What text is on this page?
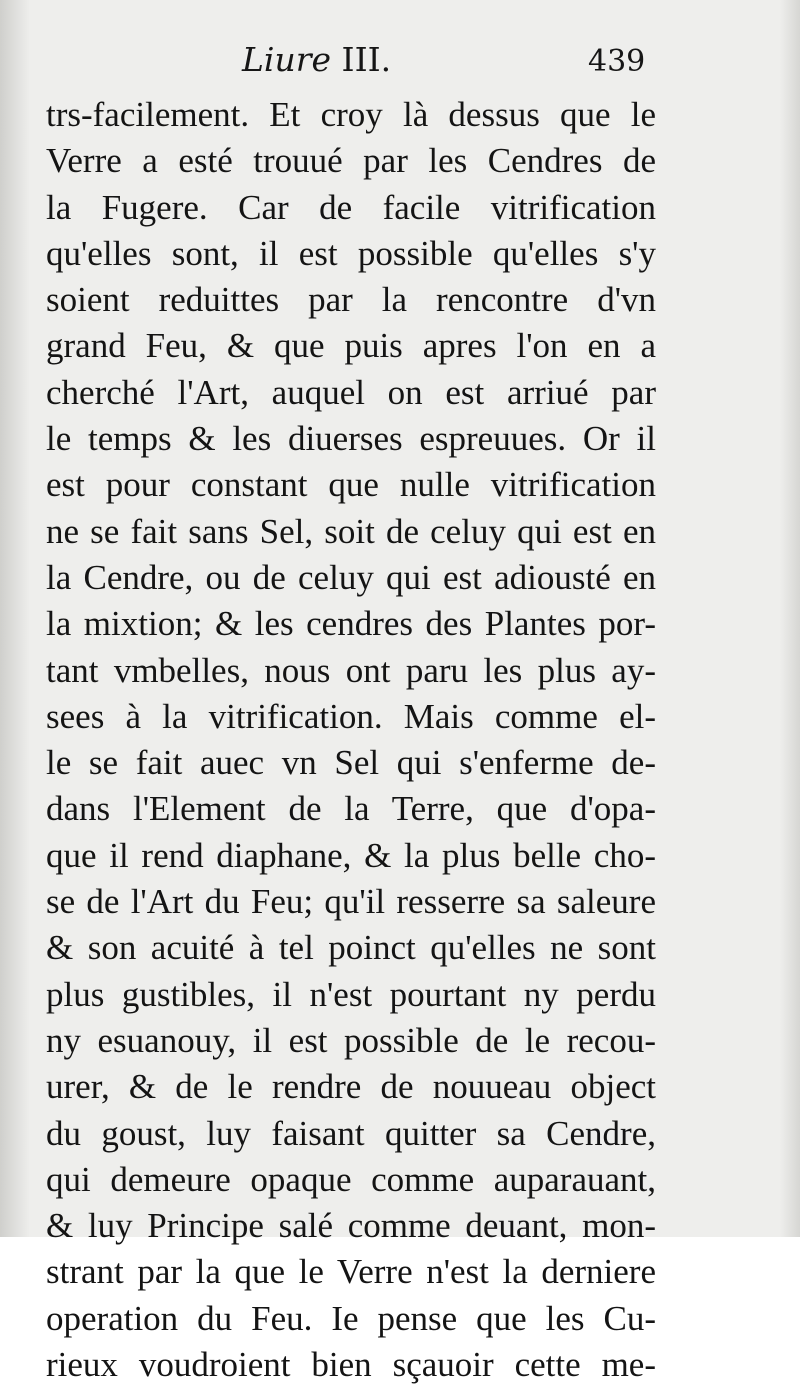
Liure III.	439
trs-facilement. Et croy là dessus que le
Verre a esté trouué par les Cendres de
la Fugere. Car de facile vitrification
qu'elles sont, il est possible qu'elles s'y
soient reduittes par la rencontre d'vn
grand Feu, & que puis apres l'on en a
cherché l'Art, auquel on est arriué par
le temps & les diuerses espreuues. Or il
est pour constant que nulle vitrification
ne se fait sans Sel, soit de celuy qui est en
la Cendre, ou de celuy qui est adiousté en
la mixtion; & les cendres des Plantes por-
tant vmbelles, nous ont paru les plus ay-
sees à la vitrification. Mais comme el-
le se fait auec vn Sel qui s'enferme de-
dans l'Element de la Terre, que d'opa-
que il rend diaphane, & la plus belle cho-
se de l'Art du Feu; qu'il resserre sa saleure
& son acuité à tel poinct qu'elles ne sont
plus gustibles, il n'est pourtant ny perdu
ny esuanouy, il est possible de le recou-
urer, & de le rendre de nouueau object
du goust, luy faisant quitter sa Cendre,
qui demeure opaque comme auparauant,
& luy Principe salé comme deuant, mon-
strant par la que le Verre n'est la derniere
operation du Feu. Ie pense que les Cu-
rieux voudroient bien sçauoir cette me-
